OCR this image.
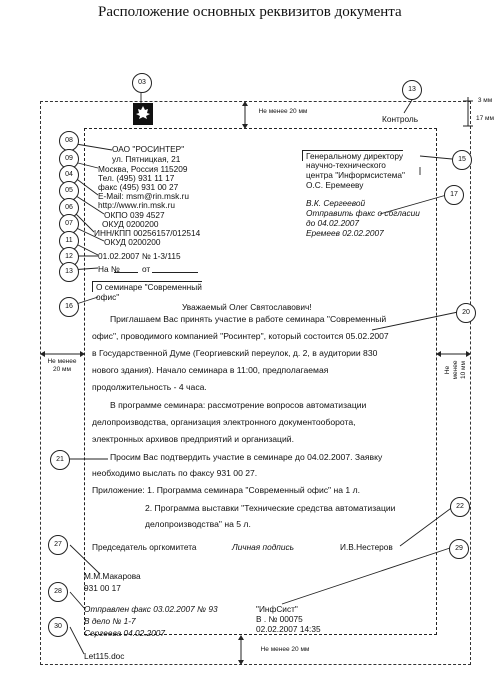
Расположение основных реквизитов документа
Не менее 20 мм
Не менее 20 мм	Не менее 10 мм
Не менее 20 мм
3 мм
17 мм
Контроль
ОАО "РОСИНТЕР"
ул. Пятницкая, 21
Москва, Россия 115209
Тел. (495) 931 11 17
факс (495) 931 00 27
E-Mail: msm@rin.msk.ru
http://www.rin.msk.ru
ОКПО 039 4527
ОКУД 0200200
ИНН/КПП 00256157/012514
ОКУД 0200200
01.02.2007 № 1-3/115
На №	от
О семинаре "Современный
офис"
Генеральному директору
научно-технического
центра "Информсистема"
О.С. Еремееву
В.К. Сергеевой
Отправить факс о согласии
до 04.02.2007
Еремеев 02.02.2007
Уважаемый Олег Святославович!
Приглашаем Вас принять участие в работе семинара "Современный
офис", проводимого компанией "Росинтер", который состоится 05.02.2007
в Государственной Думе (Георгиевский переулок, д. 2, в аудитории 830
нового здания). Начало семинара в 11:00, предполагаемая
продолжительность - 4 часа.
В программе семинара: рассмотрение вопросов автоматизации
делопроизводства, организация электронного документооборота,
электронных архивов предприятий и организаций.
Просим Вас подтвердить участие в семинаре до 04.02.2007. Заявку
необходимо выслать по факсу 931 00 27.
Приложение: 1. Программа семинара "Современный офис" на 1 л.
2. Программа выставки "Технические средства автоматизации
делопроизводства" на 5 л.
Председатель оргкомитета	Личная подпись	И.В.Нестеров
М.М.Макарова
931 00 17
Отправлен факс 03.02.2007 № 93
В дело № 1-7
Сергеева 04.02.2007
"ИнфСист"
В . № 00075
02.02.2007 14:35
Let115.doc
03
13
08
09
04
05
06
07
11
12
13
16
15
17
20
21
22
27
29
28
30
